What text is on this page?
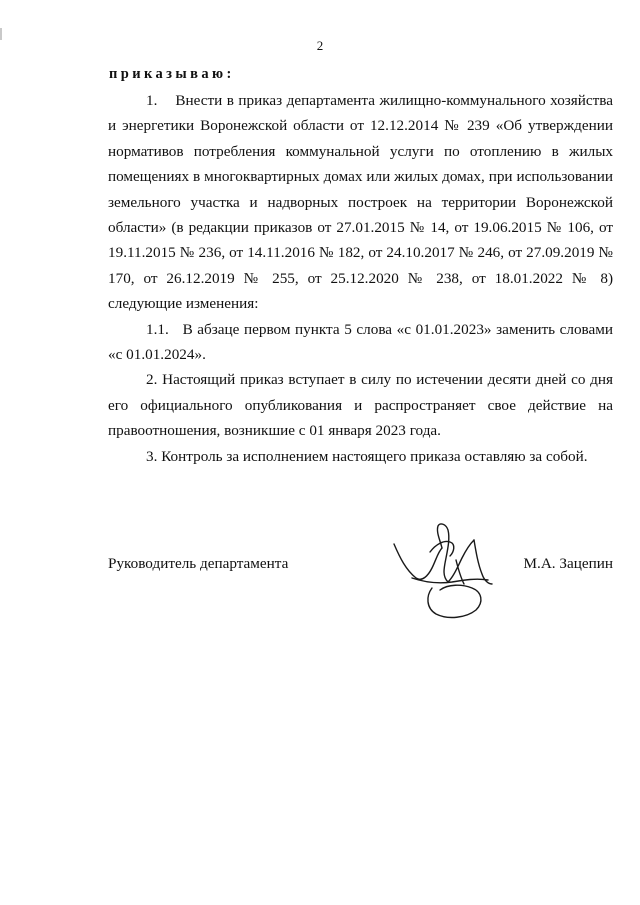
2
приказываю:

1.    Внести в приказ департамента жилищно-коммунального хозяйства и энергетики Воронежской области от 12.12.2014 № 239 «Об утверждении нормативов потребления коммунальной услуги по отоплению в жилых помещениях в многоквартирных домах или жилых домах, при использовании земельного участка и надворных построек на территории Воронежской области» (в редакции приказов от 27.01.2015 № 14, от 19.06.2015 № 106, от 19.11.2015 № 236, от 14.11.2016 № 182, от 24.10.2017 № 246, от 27.09.2019 № 170, от 26.12.2019 № 255, от 25.12.2020 № 238, от 18.01.2022 № 8) следующие изменения:

1.1.   В абзаце первом пункта 5 слова «с 01.01.2023» заменить словами «с 01.01.2024».

2. Настоящий приказ вступает в силу по истечении десяти дней со дня его официального опубликования и распространяет свое действие на правоотношения, возникшие с 01 января 2023 года.

3. Контроль за исполнением настоящего приказа оставляю за собой.

Руководитель департамента	М.А. Зацепин
